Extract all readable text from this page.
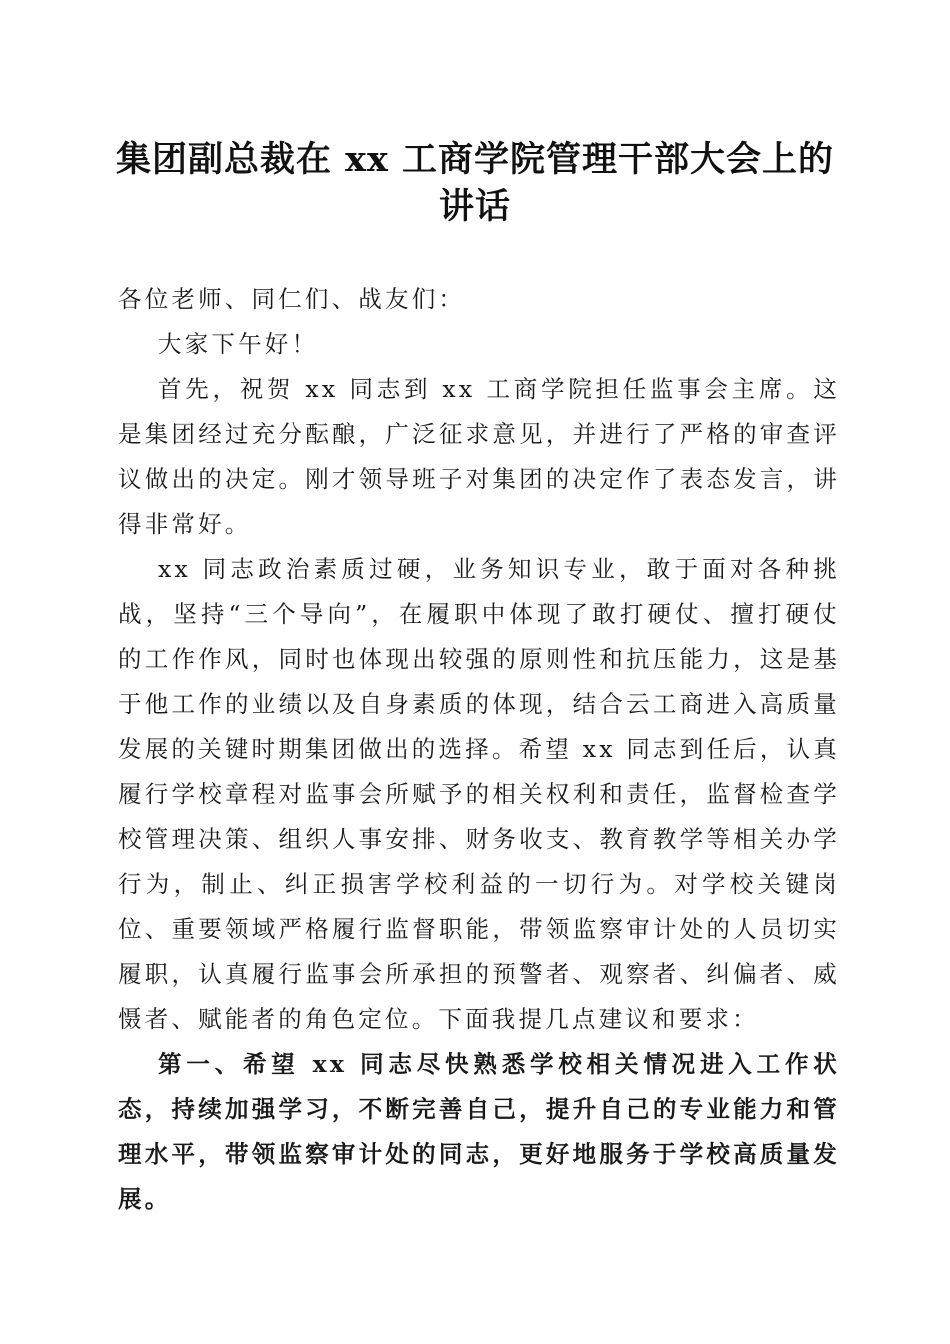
集团副总裁在 xx 工商学院管理干部大会上的
讲话

各位老师、同仁们、战友们：

大家下午好！

首先，祝贺 xx 同志到 xx 工商学院担任监事会主席。这是集团经过充分酝酿，广泛征求意见，并进行了严格的审查评议做出的决定。刚才领导班子对集团的决定作了表态发言，讲得非常好。

xx 同志政治素质过硬，业务知识专业，敢于面对各种挑战，坚持“三个导向”，在履职中体现了敢打硬仗、擅打硬仗的工作作风，同时也体现出较强的原则性和抗压能力，这是基于他工作的业绩以及自身素质的体现，结合云工商进入高质量发展的关键时期集团做出的选择。希望 xx 同志到任后，认真履行学校章程对监事会所赋予的相关权利和责任，监督检查学校管理决策、组织人事安排、财务收支、教育教学等相关办学行为，制止、纠正损害学校利益的一切行为。对学校关键岗位、重要领域严格履行监督职能，带领监察审计处的人员切实履职，认真履行监事会所承担的预警者、观察者、纠偏者、威慑者、赋能者的角色定位。下面我提几点建议和要求：

第一、希望 xx 同志尽快熟悉学校相关情况进入工作状态，持续加强学习，不断完善自己，提升自己的专业能力和管理水平，带领监察审计处的同志，更好地服务于学校高质量发展。
